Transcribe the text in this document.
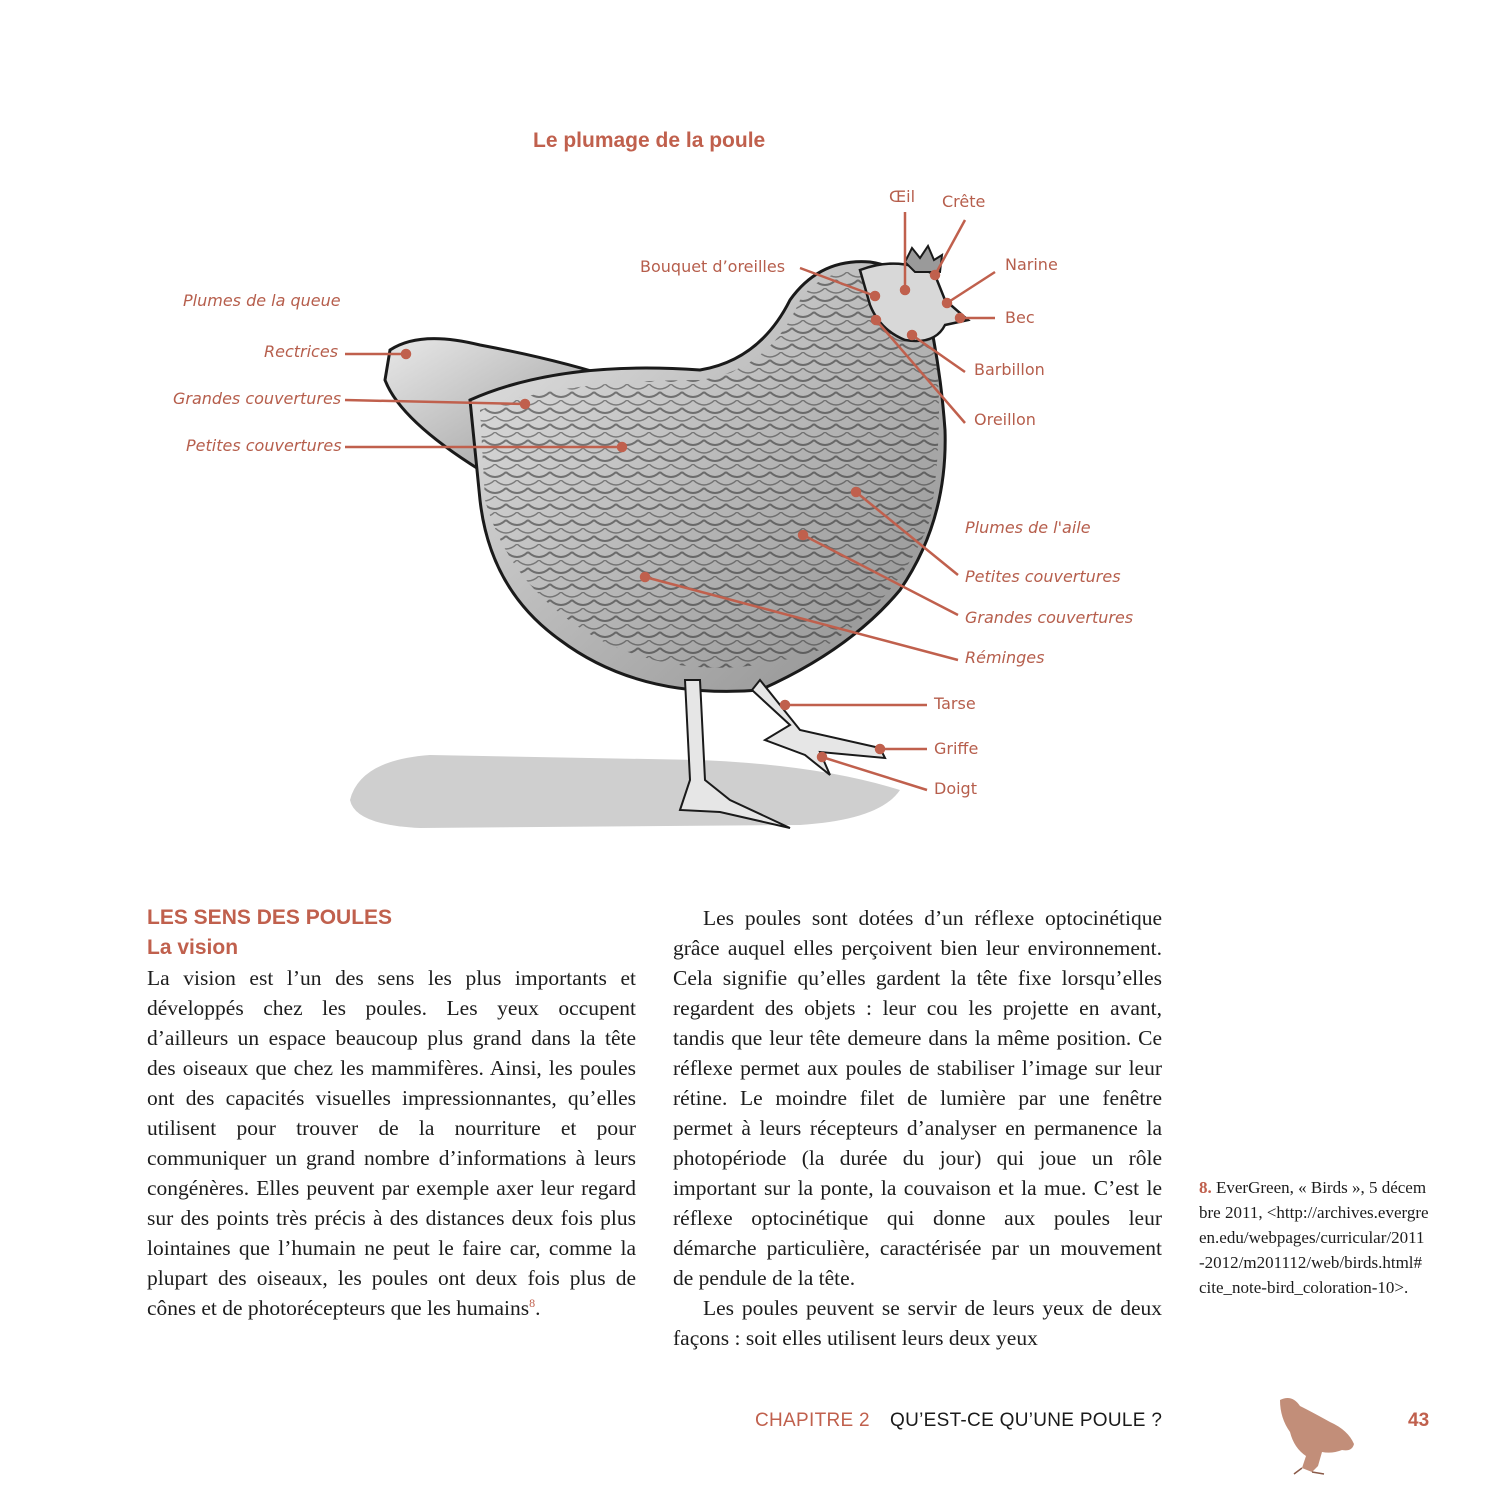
Le plumage de la poule
Œil Crête
Bouquet d’oreilles	Narine
Bec
Barbillon
Oreillon
Plumes de la queue
Rectrices
Grandes couvertures
Petites couvertures
Plumes de l'aile
Petites couvertures
Grandes couvertures
Réminges
Tarse
Griffe
Doigt
LES SENS DES POULES
La vision

La vision est l’un des sens les plus importants et développés chez les poules. Les yeux occupent d’ailleurs un espace beaucoup plus grand dans la tête des oiseaux que chez les mammifères. Ainsi, les poules ont des capacités visuelles impressionnantes, qu’elles utilisent pour trouver de la nourriture et pour communiquer un grand nombre d’informations à leurs congénères. Elles peuvent par exemple axer leur regard sur des points très précis à des distances deux fois plus lointaines que l’humain ne peut le faire car, comme la plupart des oiseaux, les poules ont deux fois plus de cônes et de photorécepteurs que les humains$^8$.

Les poules sont dotées d’un réflexe optocinétique grâce auquel elles perçoivent bien leur environnement. Cela signifie qu’elles gardent la tête fixe lorsqu’elles regardent des objets : leur cou les projette en avant, tandis que leur tête demeure dans la même position. Ce réflexe permet aux poules de stabiliser l’image sur leur rétine. Le moindre filet de lumière par une fenêtre permet à leurs récepteurs d’analyser en permanence la photopériode (la durée du jour) qui joue un rôle important sur la ponte, la couvaison et la mue. C’est le réflexe optocinétique qui donne aux poules leur démarche particulière, caractérisée par un mouvement de pendule de la tête.

Les poules peuvent se servir de leurs yeux de deux façons : soit elles utilisent leurs deux yeux

8. EverGreen, « Birds », 5 décembre 2011, <http://archives.evergreen.edu/webpages/curricular/2011-2012/m201112/web/birds.html#cite_note-bird_coloration-10>.
CHAPITRE 2 QU’EST-CE QU’UNE POULE ?	43
